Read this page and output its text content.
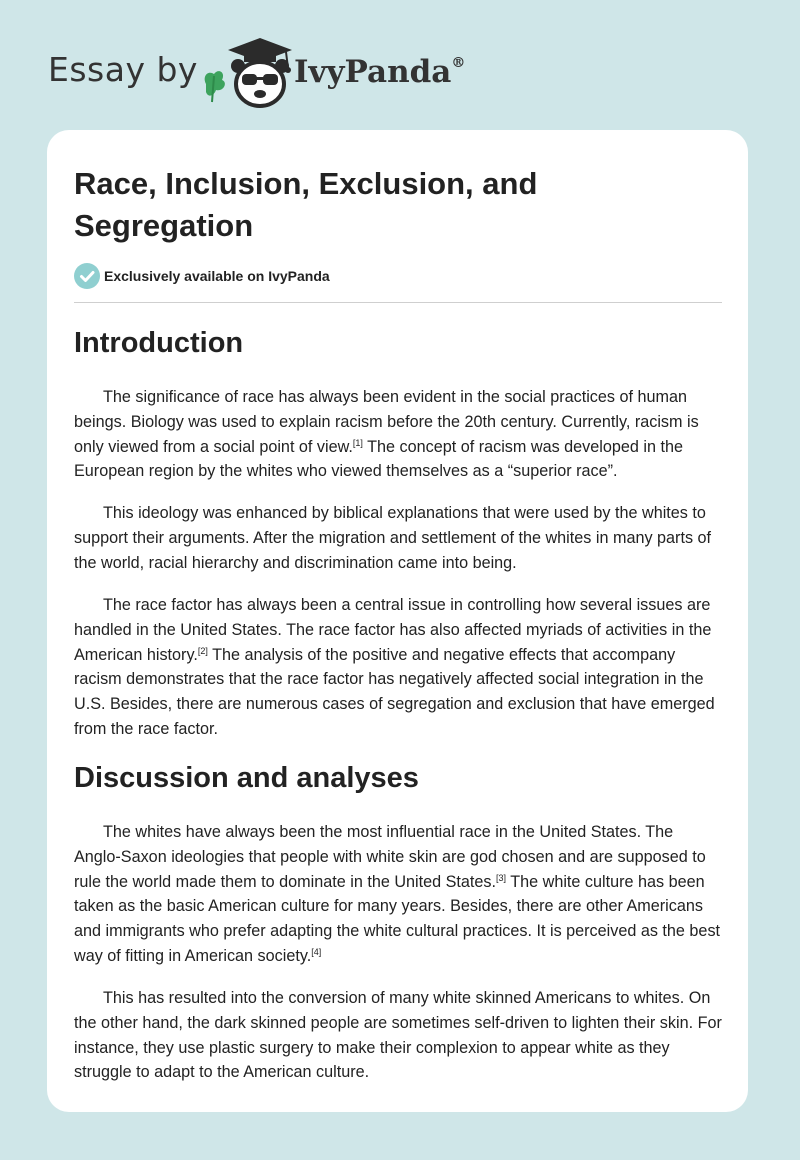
Essay by	IvyPanda®
Race, Inclusion, Exclusion, and Segregation
Exclusively available on IvyPanda
Introduction

The significance of race has always been evident in the social practices of human beings. Biology was used to explain racism before the 20th century. Currently, racism is only viewed from a social point of view.[1] The concept of racism was developed in the European region by the whites who viewed themselves as a “superior race”.

This ideology was enhanced by biblical explanations that were used by the whites to support their arguments. After the migration and settlement of the whites in many parts of the world, racial hierarchy and discrimination came into being.

The race factor has always been a central issue in controlling how several issues are handled in the United States. The race factor has also affected myriads of activities in the American history.[2] The analysis of the positive and negative effects that accompany racism demonstrates that the race factor has negatively affected social integration in the U.S. Besides, there are numerous cases of segregation and exclusion that have emerged from the race factor.

Discussion and analyses

The whites have always been the most influential race in the United States. The Anglo-Saxon ideologies that people with white skin are god chosen and are supposed to rule the world made them to dominate in the United States.[3] The white culture has been taken as the basic American culture for many years. Besides, there are other Americans and immigrants who prefer adapting the white cultural practices. It is perceived as the best way of fitting in American society.[4]

This has resulted into the conversion of many white skinned Americans to whites. On the other hand, the dark skinned people are sometimes self-driven to lighten their skin. For instance, they use plastic surgery to make their complexion to appear white as they struggle to adapt to the American culture.
